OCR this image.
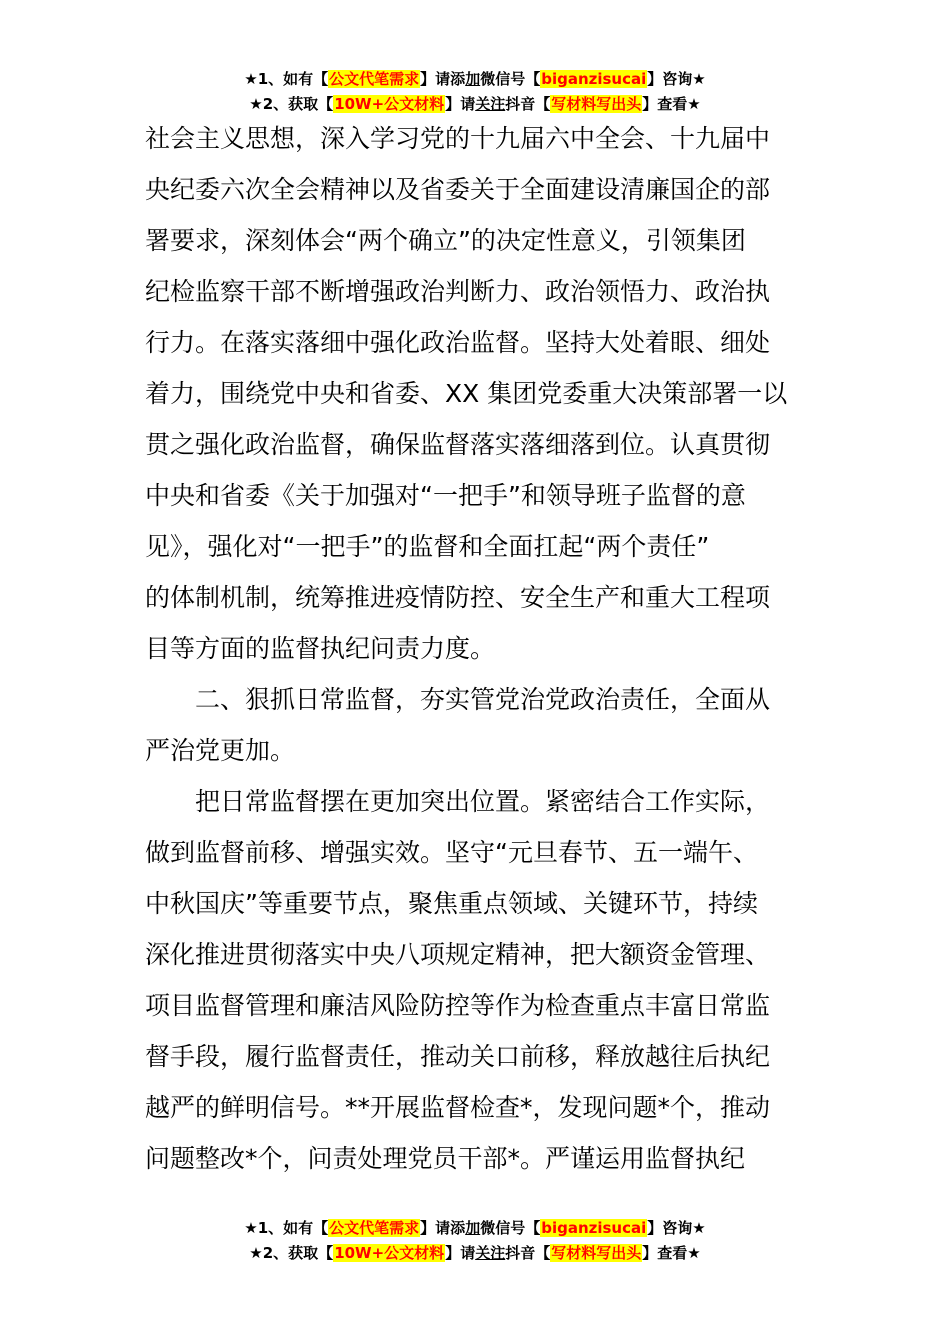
★1、如有【公文代笔需求】请添加微信号【biganzisucai】咨询★
★2、获取【10W+公文材料】请关注抖音【写材料写出头】查看★
社会主义思想，深入学习党的十九届六中全会、十九届中
央纪委六次全会精神以及省委关于全面建设清廉国企的部
署要求，深刻体会“两个确立”的决定性意义，引领集团
纪检监察干部不断增强政治判断力、政治领悟力、政治执
行力。在落实落细中强化政治监督。坚持大处着眼、细处
着力，围绕党中央和省委、XX 集团党委重大决策部署一以
贯之强化政治监督，确保监督落实落细落到位。认真贯彻
中央和省委《关于加强对“一把手”和领导班子监督的意
见》，强化对“一把手”的监督和全面扛起“两个责任”
的体制机制，统筹推进疫情防控、安全生产和重大工程项
目等方面的监督执纪问责力度。
二、狠抓日常监督，夯实管党治党政治责任，全面从
严治党更加。
把日常监督摆在更加突出位置。紧密结合工作实际，
做到监督前移、增强实效。坚守“元旦春节、五一端午、
中秋国庆”等重要节点，聚焦重点领域、关键环节，持续
深化推进贯彻落实中央八项规定精神，把大额资金管理、
项目监督管理和廉洁风险防控等作为检查重点丰富日常监
督手段，履行监督责任，推动关口前移，释放越往后执纪
越严的鲜明信号。**开展监督检查*，发现问题*个，推动
问题整改*个，问责处理党员干部*。严谨运用监督执纪
★1、如有【公文代笔需求】请添加微信号【biganzisucai】咨询★
★2、获取【10W+公文材料】请关注抖音【写材料写出头】查看★
